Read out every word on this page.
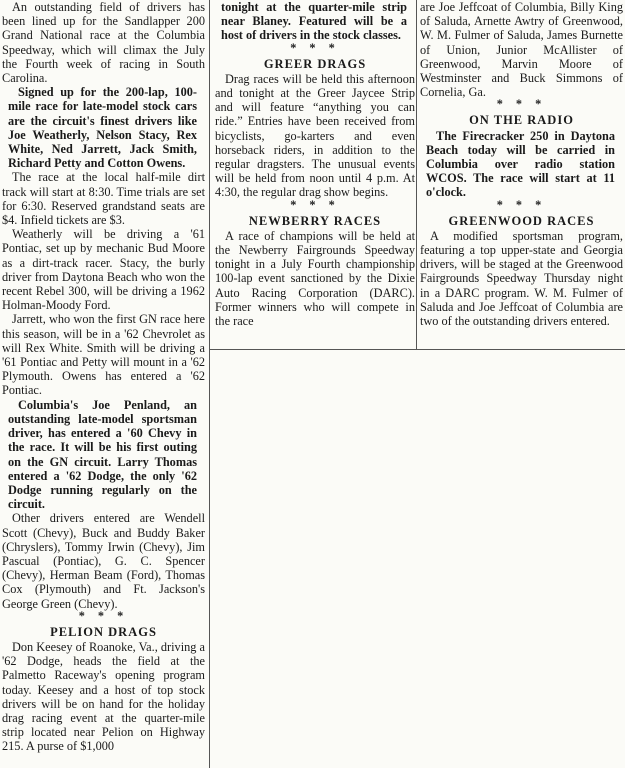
An outstanding field of drivers has been lined up for the Sandlapper 200 Grand National race at the Columbia Speedway, which will climax the July the Fourth week of racing in South Carolina.

Signed up for the 200-lap, 100-mile race for late-model stock cars are the circuit's finest drivers like Joe Weatherly, Nelson Stacy, Rex White, Ned Jarrett, Jack Smith, Richard Petty and Cotton Owens.

The race at the local half-mile dirt track will start at 8:30. Time trials are set for 6:30. Reserved grandstand seats are $4. Infield tickets are $3.

Weatherly will be driving a '61 Pontiac, set up by mechanic Bud Moore as a dirt-track racer. Stacy, the burly driver from Daytona Beach who won the recent Rebel 300, will be driving a 1962 Holman-Moody Ford.

Jarrett, who won the first GN race here this season, will be in a '62 Chevrolet as will Rex White. Smith will be driving a '61 Pontiac and Petty will mount in a '62 Plymouth. Owens has entered a '62 Pontiac.

Columbia's Joe Penland, an outstanding late-model sportsman driver, has entered a '60 Chevy in the race. It will be his first outing on the GN circuit. Larry Thomas entered a '62 Dodge, the only '62 Dodge running regularly on the circuit.

Other drivers entered are Wendell Scott (Chevy), Buck and Buddy Baker (Chryslers), Tommy Irwin (Chevy), Jim Pascual (Pontiac), G. C. Spencer (Chevy), Herman Beam (Ford), Thomas Cox (Plymouth) and Ft. Jackson's George Green (Chevy).

* * *
PELION DRAGS

Don Keesey of Roanoke, Va., driving a '62 Dodge, heads the field at the Palmetto Raceway's opening program today. Keesey and a host of top stock drivers will be on hand for the holiday drag racing event at the quarter-mile strip located near Pelion on Highway 215. A purse of $1,000

tonight at the quarter-mile strip near Blaney. Featured will be a host of drivers in the stock classes.

* * *
GREER DRAGS

Drag races will be held this afternoon and tonight at the Greer Jaycee Strip and will feature “anything you can ride.” Entries have been received from bicyclists, go-karters and even horseback riders, in addition to the regular dragsters. The unusual events will be held from noon until 4 p.m. At 4:30, the regular drag show begins.

* * *
NEWBERRY RACES

A race of champions will be held at the Newberry Fairgrounds Speedway tonight in a July Fourth championship 100-lap event sanctioned by the Dixie Auto Racing Corporation (DARC). Former winners who will compete in the race

are Joe Jeffcoat of Columbia, Billy King of Saluda, Arnette Awtry of Greenwood, W. M. Fulmer of Saluda, James Burnette of Union, Junior McAllister of Greenwood, Marvin Moore of Westminster and Buck Simmons of Cornelia, Ga.

* * *
ON THE RADIO

The Firecracker 250 in Daytona Beach today will be carried in Columbia over radio station WCOS. The race will start at 11 o'clock.

* * *
GREENWOOD RACES

A modified sportsman program, featuring a top upper-state and Georgia drivers, will be staged at the Greenwood Fairgrounds Speedway Thursday night in a DARC program. W. M. Fulmer of Saluda and Joe Jeffcoat of Columbia are two of the outstanding drivers entered.
